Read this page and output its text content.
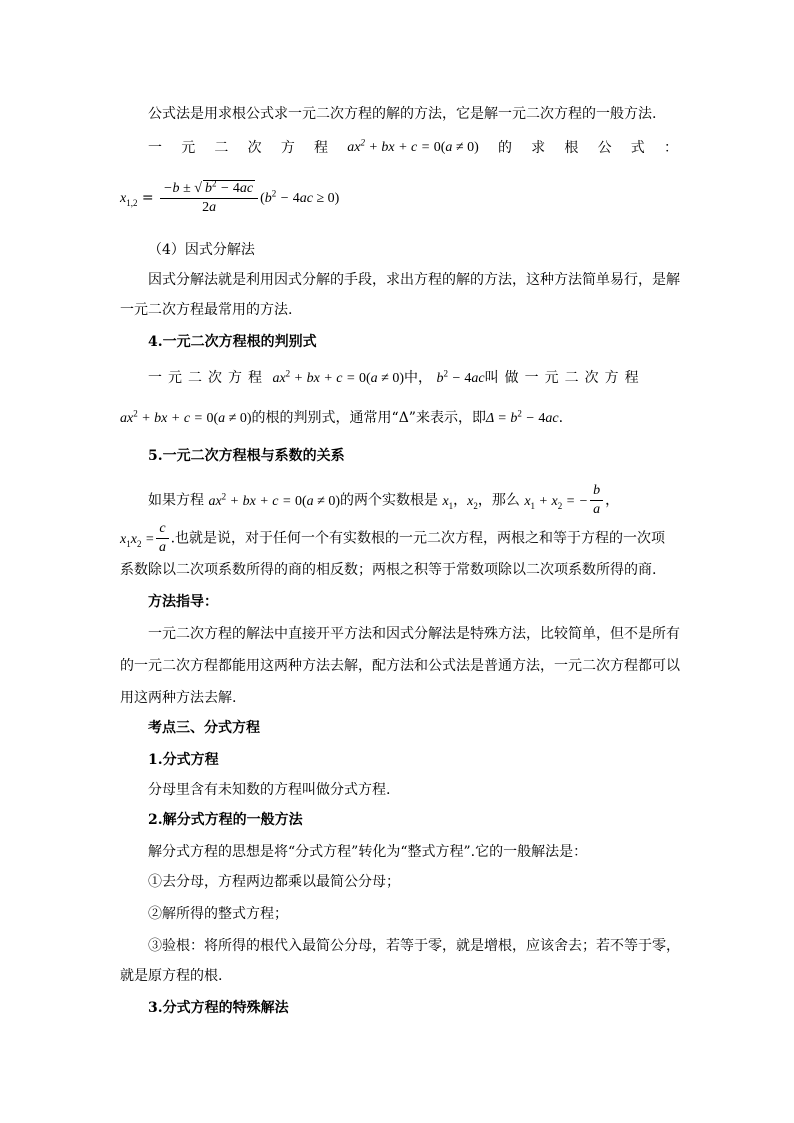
公式法是用求根公式求一元二次方程的解的方法，它是解一元二次方程的一般方法.
一 元 二 次 方 程 $ax^2$ + bx + c = 0(a ≠ 0) 的 求 根 公 式 ：
$x_{1,2} = \frac{-b \pm √ b^2 - 4ac}{2a} (b^2 - 4ac \ge 0)$
（4）因式分解法
因式分解法就是利用因式分解的手段，求出方程的解的方法，这种方法简单易行，是解
一元二次方程最常用的方法.
4.一元二次方程根的判别式
一元二次方程 $ax^2$ + bx + c = 0(a ≠ 0)中， $b^2 - 4ac$叫做一元二次方程
$ax^2$ + bx + c = 0(a ≠ 0)的根的判别式，通常用“Δ”来表示，即$\Delta = b^2 - 4ac$.
5.一元二次方程根与系数的关系
如果方程 $ax^2$ + bx + c = 0(a ≠ 0)的两个实数根是 $x_1$，$x_2$，那么 $x_1 + x_2$ = − $\frac{b}{a}$ ，
$x_1x_2 = \frac{c}{a}$ .也就是说，对于任何一个有实数根的一元二次方程，两根之和等于方程的一次项
系数除以二次项系数所得的商的相反数；两根之积等于常数项除以二次项系数所得的商.
方法指导：
一元二次方程的解法中直接开平方法和因式分解法是特殊方法，比较简单，但不是所有
的一元二次方程都能用这两种方法去解，配方法和公式法是普通方法，一元二次方程都可以
用这两种方法去解.
考点三、分式方程
1.分式方程
分母里含有未知数的方程叫做分式方程.
2.解分式方程的一般方法
解分式方程的思想是将“分式方程”转化为“整式方程”.它的一般解法是：
①去分母，方程两边都乘以最简公分母；
②解所得的整式方程；
③验根：将所得的根代入最简公分母，若等于零，就是增根，应该舍去；若不等于零，
就是原方程的根.
3.分式方程的特殊解法
